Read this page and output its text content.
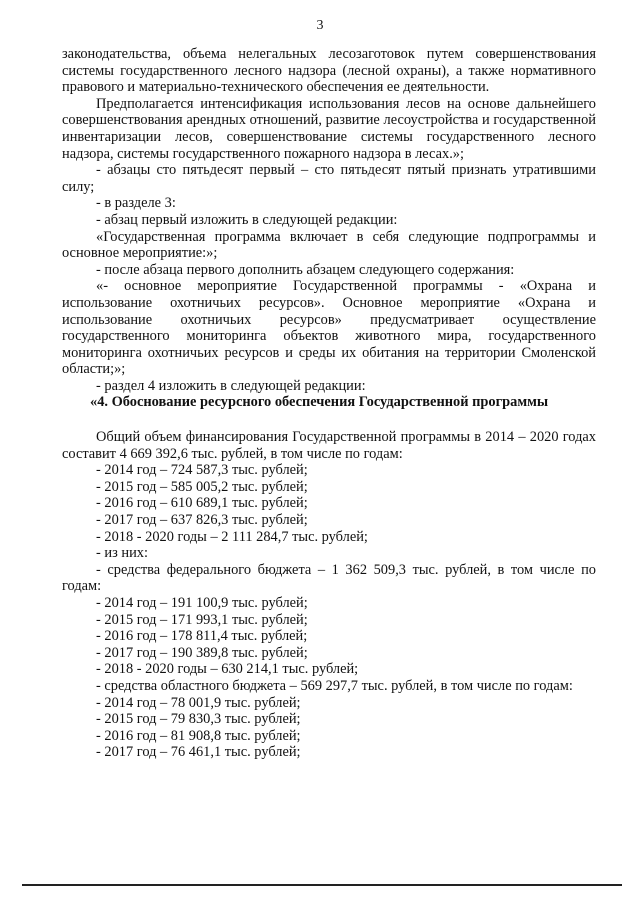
3

законодательства, объема нелегальных лесозаготовок путем совершенствования системы государственного лесного надзора (лесной охраны), а также нормативного правового и материально-технического обеспечения ее деятельности.

Предполагается интенсификация использования лесов на основе дальнейшего совершенствования арендных отношений, развитие лесоустройства и государственной инвентаризации лесов, совершенствование системы государственного лесного надзора, системы государственного пожарного надзора в лесах.»;

- абзацы сто пятьдесят первый – сто пятьдесят пятый признать утратившими силу;

- в разделе 3:

- абзац первый изложить в следующей редакции:

«Государственная программа включает в себя следующие подпрограммы и основное мероприятие:»;

- после абзаца первого дополнить абзацем следующего содержания:

«- основное мероприятие Государственной программы - «Охрана и использование охотничьих ресурсов». Основное мероприятие «Охрана и использование охотничьих ресурсов» предусматривает осуществление государственного мониторинга объектов животного мира, государственного мониторинга охотничьих ресурсов и среды их обитания на территории Смоленской области;»;

- раздел 4 изложить в следующей редакции:

«4. Обоснование ресурсного обеспечения Государственной программы

Общий объем финансирования Государственной программы в 2014 – 2020 годах составит 4 669 392,6 тыс. рублей, в том числе по годам:

- 2014 год – 724 587,3 тыс. рублей;

- 2015 год – 585 005,2 тыс. рублей;

- 2016 год – 610 689,1 тыс. рублей;

- 2017 год – 637 826,3 тыс. рублей;

- 2018 - 2020 годы – 2 111 284,7 тыс. рублей;

- из них:

- средства федерального бюджета – 1 362 509,3 тыс. рублей, в том числе по годам:

- 2014 год – 191 100,9 тыс. рублей;

- 2015 год – 171 993,1 тыс. рублей;

- 2016 год – 178 811,4 тыс. рублей;

- 2017 год – 190 389,8 тыс. рублей;

- 2018 - 2020 годы – 630 214,1 тыс. рублей;

- средства областного бюджета – 569 297,7 тыс. рублей, в том числе по годам:

- 2014 год – 78 001,9 тыс. рублей;

- 2015 год – 79 830,3 тыс. рублей;

- 2016 год – 81 908,8 тыс. рублей;

- 2017 год – 76 461,1 тыс. рублей;
